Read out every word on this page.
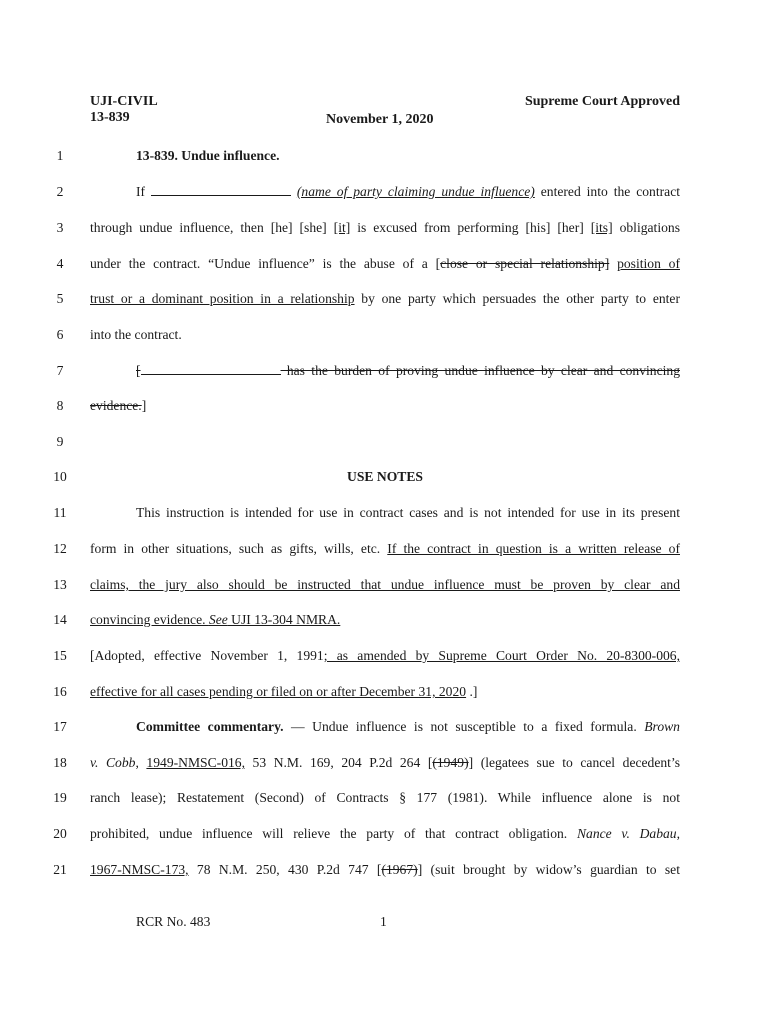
UJI-CIVIL
13-839	November 1, 2020
Supreme Court Approved
1	13-839. Undue influence.
2	If	(name of party claiming undue influence) entered into the contract
3	through undue influence, then [he] [she] [it] is excused from performing [his] [her] [its] obligations
4	under the contract. “Undue influence” is the abuse of a [close or special relationship] position of
5	trust or a dominant position in a relationship by one party which persuades the other party to enter
6	into the contract.
7	[	has the burden of proving undue influence by clear and convincing
8	evidence.]
9
10	USE NOTES
11	This instruction is intended for use in contract cases and is not intended for use in its present
12	form in other situations, such as gifts, wills, etc. If the contract in question is a written release of
13	claims, the jury also should be instructed that undue influence must be proven by clear and
14	convincing evidence. See UJI 13-304 NMRA.
15	[Adopted, effective November 1, 1991; as amended by Supreme Court Order No. 20-8300-006,
16	effective for all cases pending or filed on or after December 31, 2020 .]
17	Committee commentary. — Undue influence is not susceptible to a fixed formula. Brown
18	v. Cobb, 1949-NMSC-016, 53 N.M. 169, 204 P.2d 264 [(1949)] (legatees sue to cancel decedent’s
19	ranch lease); Restatement (Second) of Contracts § 177 (1981). While influence alone is not
20	prohibited, undue influence will relieve the party of that contract obligation. Nance v. Dabau,
21	1967-NMSC-173, 78 N.M. 250, 430 P.2d 747 [(1967)] (suit brought by widow’s guardian to set
RCR No. 483	1
